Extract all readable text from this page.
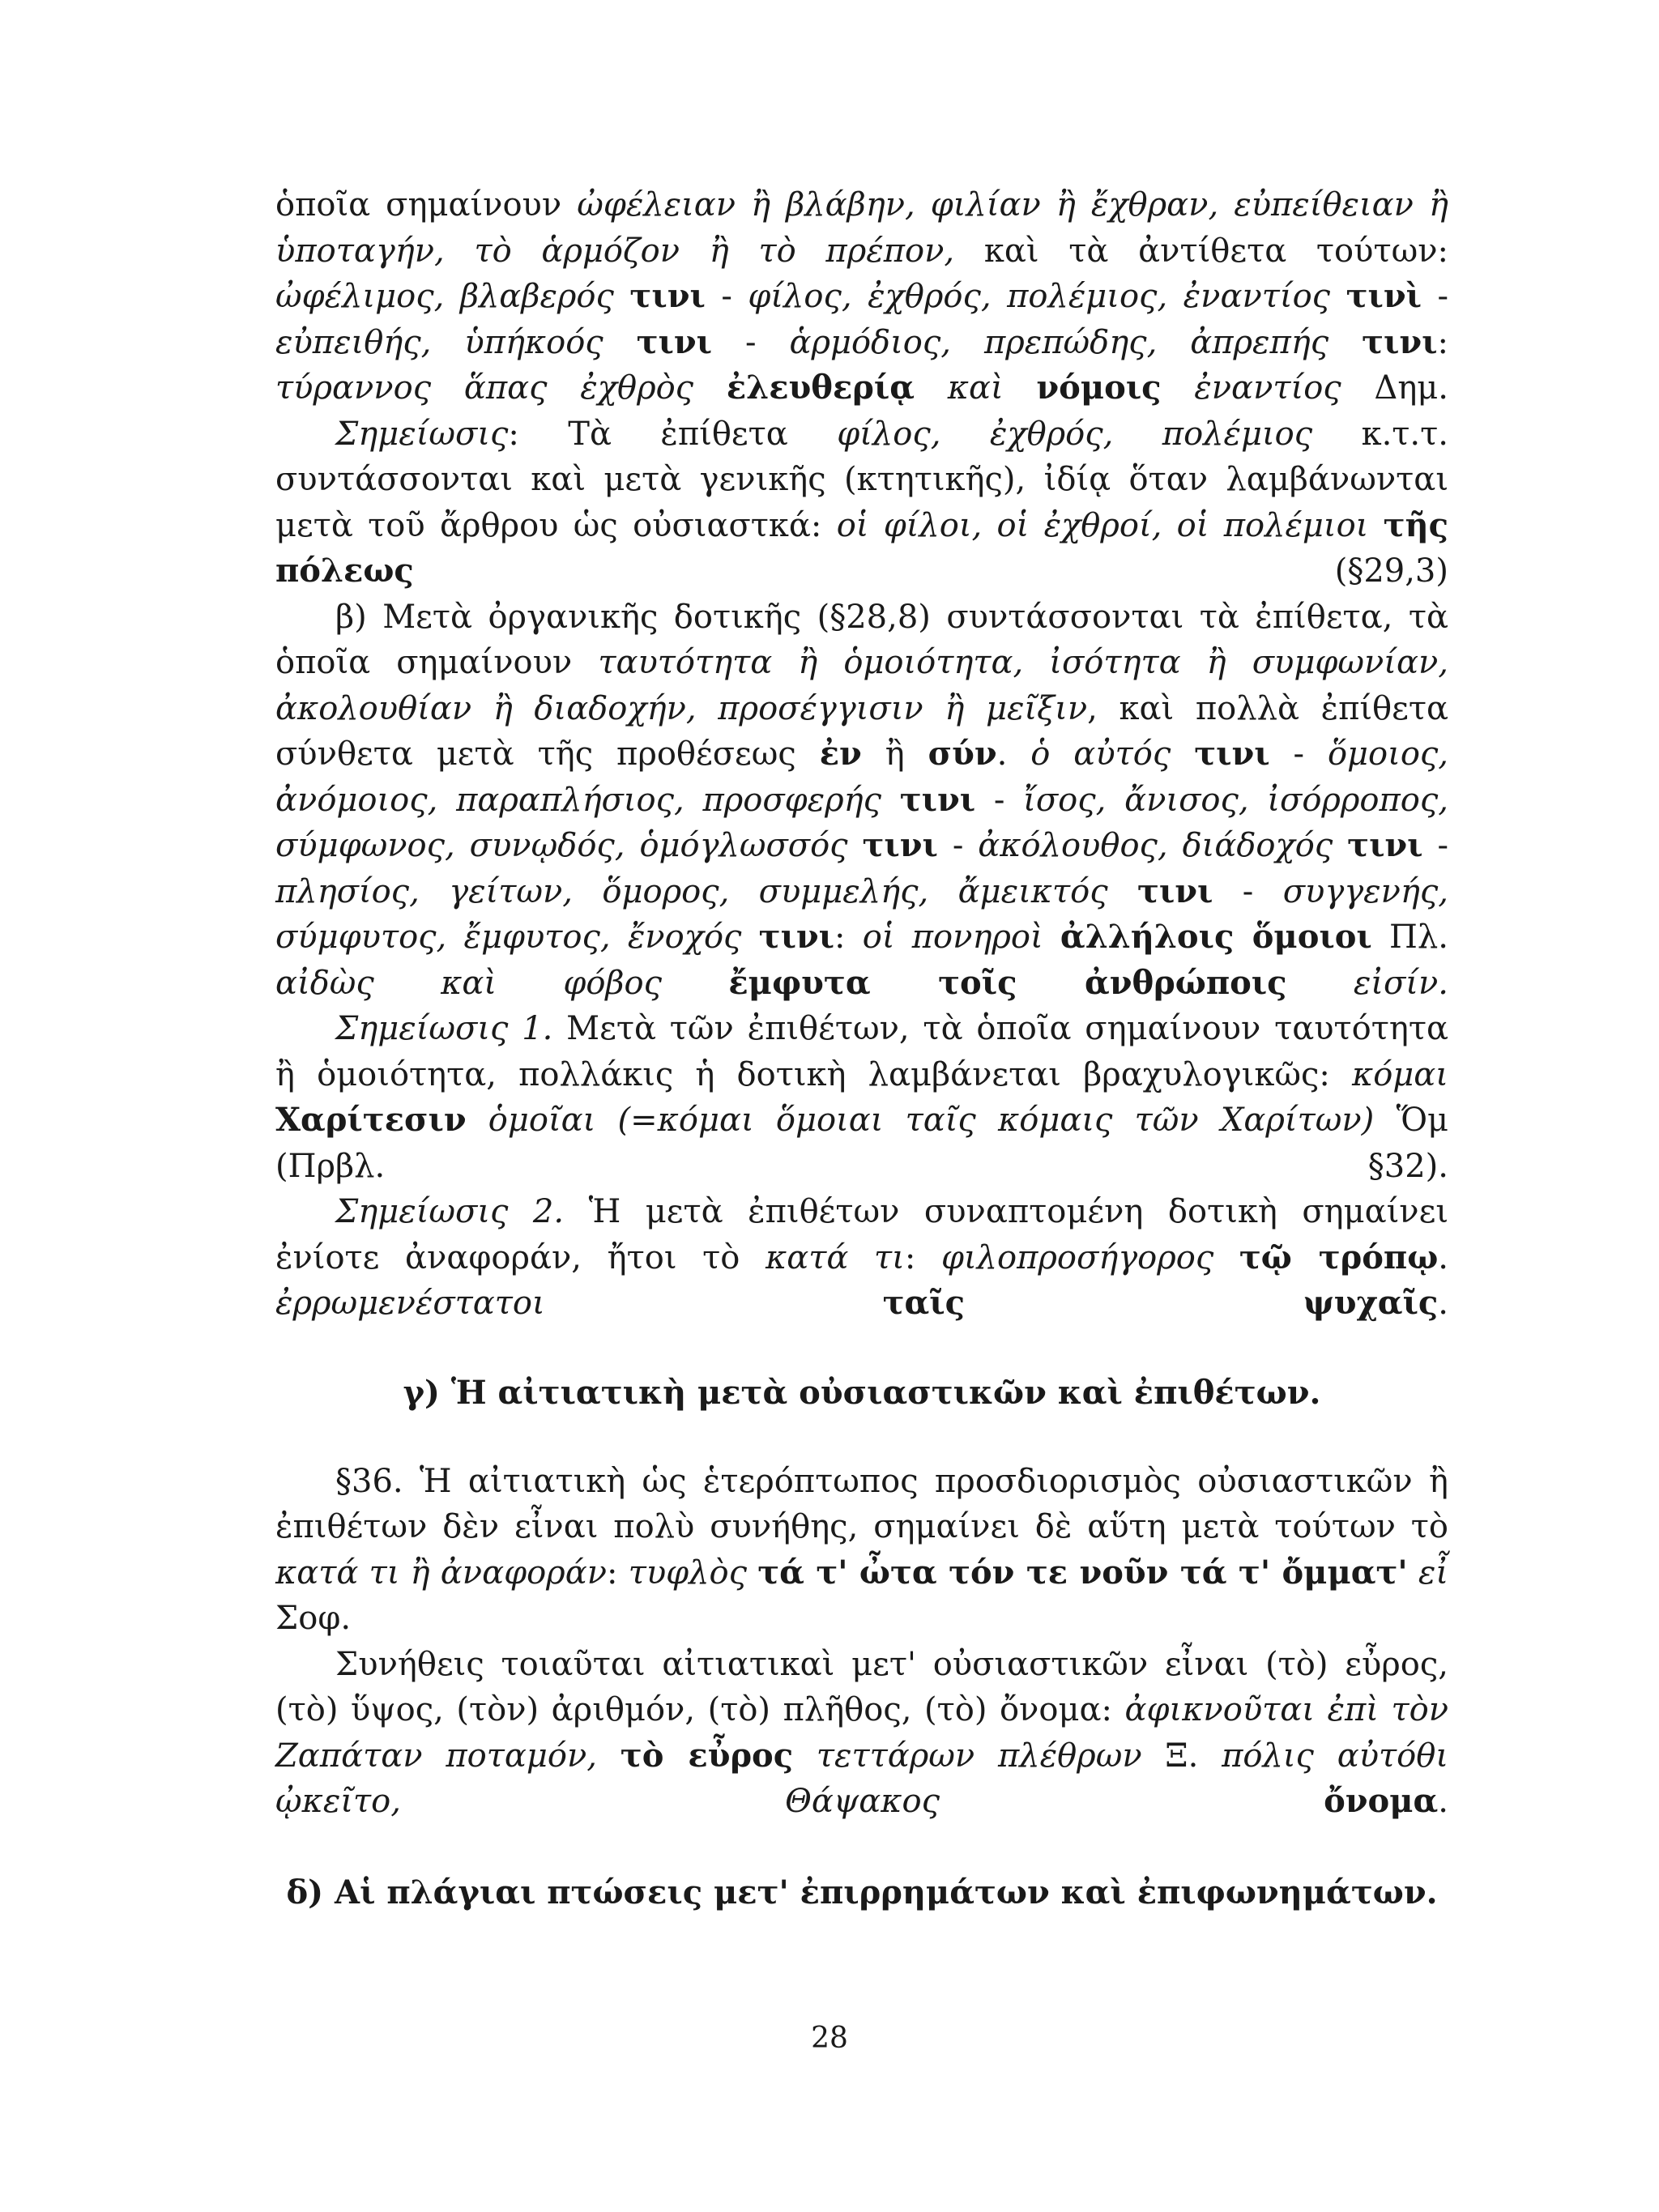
ὁποῖα σημαίνουν ὠφέλειαν ἢ βλάβην, φιλίαν ἢ ἔχθραν, εὐπείθειαν ἢ ὑποταγήν, τὸ ἁρμόζον ἢ τὸ πρέπον, καὶ τὰ ἀντίθετα τούτων: ὠφέλιμος, βλαβερός τινι - φίλος, ἐχθρός, πολέμιος, ἐναντίος τινὶ - εὐπειθής, ὑπήκοός τινι - ἁρμόδιος, πρεπώδης, ἀπρεπής τινι: τύραννος ἅπας ἐχθρὸς ἐλευθερίᾳ καὶ νόμοις ἐναντίος Δημ.

Σημείωσις: Τὰ ἐπίθετα φίλος, ἐχθρός, πολέμιος κ.τ.τ. συντάσσονται καὶ μετὰ γενικῆς (κτητικῆς), ἰδίᾳ ὅταν λαμβάνωνται μετὰ τοῦ ἄρθρου ὡς οὐσιαστκά: οἱ φίλοι, οἱ ἐχθροί, οἱ πολέμιοι τῆς πόλεως (§29,3)

β) Μετὰ ὀργανικῆς δοτικῆς (§28,8) συντάσσονται τὰ ἐπίθετα, τὰ ὁποῖα σημαίνουν ταυτότητα ἢ ὁμοιότητα, ἰσότητα ἢ συμφωνίαν, ἀκολουθίαν ἢ διαδοχήν, προσέγγισιν ἢ μεῖξιν, καὶ πολλὰ ἐπίθετα σύνθετα μετὰ τῆς προθέσεως ἐν ἢ σύν. ὁ αὐτός τινι - ὅμοιος, ἀνόμοιος, παραπλήσιος, προσφερής τινι - ἴσος, ἄνισος, ἰσόρροπος, σύμφωνος, συνῳδός, ὁμόγλωσσός τινι - ἀκόλουθος, διάδοχός τινι - πλησίος, γείτων, ὅμορος, συμμελής, ἄμεικτός τινι - συγγενής, σύμφυτος, ἔμφυτος, ἔνοχός τινι: οἱ πονηροὶ ἀλλήλοις ὅμοιοι Πλ. αἰδὼς καὶ φόβος ἔμφυτα τοῖς ἀνθρώποις εἰσίν.

Σημείωσις 1. Μετὰ τῶν ἐπιθέτων, τὰ ὁποῖα σημαίνουν ταυτότητα ἢ ὁμοιότητα, πολλάκις ἡ δοτικὴ λαμβάνεται βραχυλογικῶς: κόμαι Χαρίτεσιν ὁμοῖαι (=κόμαι ὅμοιαι ταῖς κόμαις τῶν Χαρίτων) Ὅμ (Πρβλ. §32).

Σημείωσις 2. Ἡ μετὰ ἐπιθέτων συναπτομένη δοτικὴ σημαίνει ἐνίοτε ἀναφοράν, ἤτοι τὸ κατά τι: φιλοπροσήγορος τῷ τρόπῳ. ἐρρωμενέστατοι ταῖς ψυχαῖς.

γ) Ἡ αἰτιατικὴ μετὰ οὐσιαστικῶν καὶ ἐπιθέτων.

§36. Ἡ αἰτιατικὴ ὡς ἑτερόπτωπος προσδιορισμὸς οὐσιαστικῶν ἢ ἐπιθέτων δὲν εἶναι πολὺ συνήθης, σημαίνει δὲ αὕτη μετὰ τούτων τὸ κατά τι ἢ ἀναφοράν: τυφλὸς τά τ' ὦτα τόν τε νοῦν τά τ' ὄμματ' εἶ Σοφ.

Συνήθεις τοιαῦται αἰτιατικαὶ μετ' οὐσιαστικῶν εἶναι (τὸ) εὖρος, (τὸ) ὕψος, (τὸν) ἀριθμόν, (τὸ) πλῆθος, (τὸ) ὄνομα: ἀφικνοῦται ἐπὶ τὸν Ζαπάταν ποταμόν, τὸ εὖρος τεττάρων πλέθρων Ξ. πόλις αὐτόθι ᾠκεῖτο, Θάψακος ὄνομα.

δ) Αἱ πλάγιαι πτώσεις μετ' ἐπιρρημάτων καὶ ἐπιφωνημάτων.

28
